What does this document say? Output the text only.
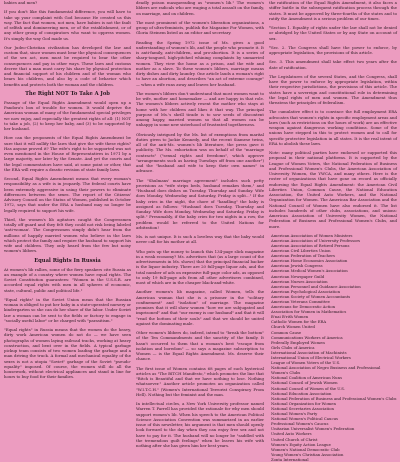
babies and men?

If you don't like this fundamental difference, you will have to take up your complaint with God because He created us this way. The fact that women, not men, have babies is not the fault of selfish and domineering men, or of the establishment, or of any other group of conspirators who want to oppress women. It's simply the way God made us.

Our Judeo-Christian civilization has developed the law and custom that, since women must bear the physical consequences of the sex act, men must be required to bear the other consequences and pay in other ways. These laws and customs decree that a man must carry his share by physical protection and financial support of his children and of the woman who bears his children, and also by a code of behavior which benefits and protects both the woman and the children.

The Right NOT To Take A Job

Passage of the Equal Rights Amendment would open up a Pandora's box of trouble for women. It would deprive the American woman of many of the fundamental special privileges we now enjoy, and especially the greatest rights of all: (1) NOT to take a job, (2) to keep her baby, and (3) to be supported by her husband.

How can the proponents of the Equal Rights Amendment be sure that it will nullify the laws that give the wife these rights? Has anyone proved it? The wife's right to be supported was not even mentioned in the House of Representatives in 1971 by a large majority, nor later by the Senate. And yet the courts and the legal commentators have said, at some point or other, that the ERA will require a drastic revision of state family laws.

Second, Equal Rights Amendment means that every woman's responsibility as a wife is in jeopardy. The federal courts have been extremely aggressive in using their powers to eliminate differences between the sexes. The report of the Citizens' Advisory Council on the Status of Women, published in October 1972, says that under the ERA a husband may no longer be legally required to support his wife.

Third, the women's lib agitators caught the Congressmen totally off guard and they felt they could not risk being labeled 'anti-woman'. The Congressmen simply didn't hear from the millions of happily married women who believe in the laws which protect the family and require the husband to support his wife and children. They only heard from the few but noisy women's libbers.

Equal Rights In Russia

At women's lib rallies, some of the fiery speakers cite Russia as an example of a country where women have equal rights. The Soviet Constitution guarantees: "Women in the U.S.S.R. are accorded equal rights with men in all spheres of economic, state, cultural, public and political life."

"Equal rights" in the Soviet Union mean that the Russian woman is obliged to put her baby in a state-operated nursery or kindergarten so she can do her share of the labor. Under Soviet law a woman can be sent to the fields or factory to engage in "socially useful labor" or be charged with "parasitism."

"Equal rights" in Russia means that the women do the heavy, dirty work American women do not do — we have seen photographs of women laying railroad tracks, working at heavy construction, and bent over in the fields. A typical garbage pickup team consists of two women loading the garbage and a man driving the truck. A formal and mechanical equality of the sexes is not a utopia "Soviet" garbage of the Soviet "pseudo-equality" imposed. Of course, the women still do all the housework, without electrical appliances and stand in line for hours to buy food for their families.

deadly poison masquerading as "women's lib." The women's libbers are radicals who are waging a total assault on the family, on marriage, and on children.

The most prominent of the women's liberation organizations, a group of ultra-feminists, publish the Magazine For Women, with Gloria Steinem listed as an editor and secretary.

Reading the Spring 1972 issue of Ms. gives a good understanding of women's lib, and the people who promote it. It is anti-family, anti-children, and pro-abortion. It is a series of sharp-tongued, high-pitched whining complaints by unmarried women. They view the home as a prison, and the wife and mother as a slave. To these women's libbers, marriage means dirty dishes and dirty laundry. One article lauds a woman's right to have an abortion, and describes "an act of extreme courage" — when a wife runs away and leaves her husband.

The women's libbers don't understand that most women want to be wife, mother and homemaker — and are happy in that role. The women's libbers actively resent the mother who stays at home with her children and likes it that way. The principal purpose of Ms.'s shrill tirade is to sow seeds of discontent among happy, married women so that all women can be unhappy in some new sisterhood of frustrated togetherness.

Obviously intrigued by the Ms. list of exemptions from marital duties given to Jackie Kennedy, and the recent Siamese twins, all of the anti-Ms. women's lib literature, the press gave it publicity. The Ms. exhortation was on behalf of the "marriage contracts" ("sexual rights and freedoms", which approve "arrangements such as having Tuesdays off from one another") and the "husband and wife to keep their own names" in advance.

The "Shulmans' marriage agreement" includes such petty provisions as "wife strips beds, husband remakes them," and "Husband does dishes on Tuesday, Thursday and Sunday. Wife does Monday, Wednesday and Saturday, Friday is split..." If the baby cries in the night, the chore of "handling" the baby is assigned as follows: "Husband does Tuesday, Thursday and Sunday. Wife does Monday, Wednesday and Saturday, Friday is split." Presumably, if the baby cries for two nights in a row, the problem would be referred to the United Nations for arbitration!

Ms. is not unique. It is such a loveless way that the baby would never call for his mother at all.

Who puts up the money to launch this 134-page slick magazine in a weak economy? Ms. advertises that (as a large count of the advertisements in Ms. shows) that the principal financial backer is the liquor industry. There are 20 full-page liquor ads, and the total number of ads on expensive full-page color ads, as opposed to only 19 full-page ads from all other advertisers combined, most of which are in the cheaper black-and-white.

Another women's lib magazine, called Women, tells the American woman that she is a prisoner in the "solitary confinement" and "isolation" of marriage. The magazine promises that it will show women "how we are subjugated and imprisoned" and that "our enemy is our husband" and that it will "read the bottom of their souls" and that we should be united against the dominating male.

Other women's libbers do, indeed, intend to "break the bottom" of the Ten Commandments and the sanctity of the family. It hasn't occurred to them that a woman's best "escape from isolation and boredom" — so says a magazine subscription to Women — is the Equal Rights Amendment. Ms. deserve their chance.

The first issue of Women contains 68 pages of such hysterical articles as "The BITCH Manifesto," which promotes the line that "Bitch is Beautiful and that we have nothing to lose. Nothing whatsoever." Another article promotes an organization called "W.I.T.C.H." (Women's International Terrorist Conspiracy From Hell). Nothing but the feminist and the man.

In intellectual circles, a New York University professor named Warren T. Farrell has provided the rationale for why men should support women's lib. When his speech to the American Political Science Association Convention was summarized in an earlier issue of this newsletter, his argument is that men should openly look forward to the day when they can enjoy free sex and not have to pay for it. The husband will no longer be "saddled with the tremendous guilt feelings" when he leaves his wife with nothing after she has given him her best years.

the ratification of the Equal Rights Amendment, it also faces a stiffer battle in the subsequent ratification process through the states. It must be approved by three-fourths of the states and to ratify the Amendment is a serious problem of our times.

*Section 1. Equality of rights under the law shall not be denied or abridged by the United States or by any State on account of sex.

*Sec. 2. The Congress shall have the power to enforce, by appropriate legislation, the provisions of this article.

Sec. 3. This amendment shall take effect two years after the date of ratification.

The Legislatures of the several States, and the Congress, shall have the power to enforce by appropriate legislation, within their respective jurisdictions, the provisions of this article. The states have a sovereign and constitutional role in determining the legal rights of men and women. The Amendment thus threatens the principles of federalism.

The cumulative effect is to convince the full employment ERA advocates that women's rights in specific employment areas and laws (such as restrictions on the hours of work) are an effective weapon against dangerous working conditions. Some of the unions have stepped in this to protect women and to call for specific protective legislation in all states. It is the real intent of ERA to abolish these laws.

Note: many political parties have endorsed or supported this proposal in their national platforms. It is supported by the League of Women Voters, the National Federation of Business and Professional Women's Clubs, the American Association of University Women, the YWCA, and many others. Here is the roster of organizations that have gone on record as officially endorsing the Equal Rights Amendment: the American Civil Liberties Union, Common Cause, the National Education Association, the United Auto Workers, and the National Organization for Women. The American Bar Association and the National Council of Women have also endorsed it. The list includes hundreds of other clubs, associations, and unions: American Association of University Women, the National Federation of Business and Professional Women's Clubs, and more.

American Association of Women Ministers
American Association of University Professors
American Association of Retired Persons
American Civil Liberties Union
American Federation of Teachers
American Home Economics Association
American Jewish Congress
American Medical Women's Association
American Newspaper Guild
American Nurses Association
American Personnel and Guidance Association
American Psychological Association
American Society of Women Accountants
American Veterans Committee
Americans for Democratic Action
Association for Women in Mathematics
B'nai B'rith Women
Catholic Women for the ERA
Church Women United
Common Cause
Communications Workers of America
Federally Employed Women
Girls Clubs of America
International Association of Machinists
International Union of Electrical Workers
League of Women Voters of the U.S.
National Association of Negro Business and Professional Women's Clubs
National Coalition of American Nuns
National Council of Jewish Women
National Council of Women of the U.S.
National Education Association
National Federation of Business and Professional Women's Clubs
National Organization for Women
National Secretaries Association
National Women's Party
National Women's Political Caucus
Professional Women's Caucus
Unitarian Universalist Women's Federation
United Auto Workers
United Church of Christ
Women's Equity Action League
Women's National Democratic Club
Young Women's Christian Association
Zonta International
